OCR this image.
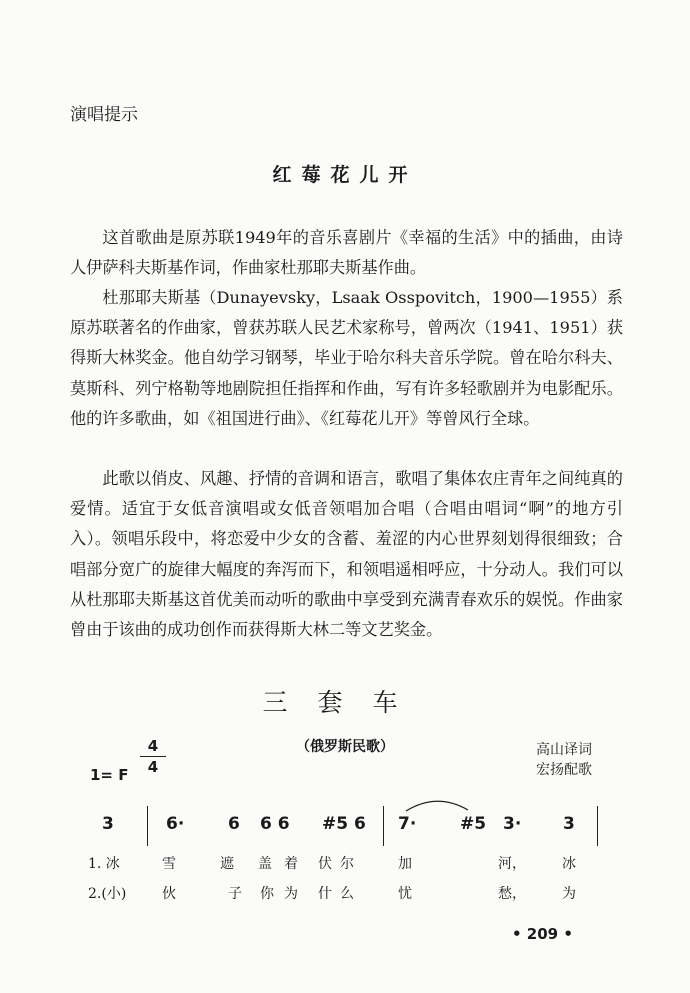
演唱提示
红莓花儿开
这首歌曲是原苏联1949年的音乐喜剧片《幸福的生活》中的插曲，由诗人伊萨科夫斯基作词，作曲家杜那耶夫斯基作曲。
杜那耶夫斯基（Dunayevsky，Lsaak Osspovitch，1900—1955）系原苏联著名的作曲家，曾获苏联人民艺术家称号，曾两次（1941、1951）获得斯大林奖金。他自幼学习钢琴，毕业于哈尔科夫音乐学院。曾在哈尔科夫、莫斯科、列宁格勒等地剧院担任指挥和作曲，写有许多轻歌剧并为电影配乐。他的许多歌曲，如《祖国进行曲》、《红莓花儿开》等曾风行全球。
此歌以俏皮、风趣、抒情的音调和语言，歌唱了集体农庄青年之间纯真的爱情。适宜于女低音演唱或女低音领唱加合唱（合唱由唱词“啊”的地方引入）。领唱乐段中，将恋爱中少女的含蓄、羞涩的内心世界刻划得很细致；合唱部分宽广的旋律大幅度的奔泻而下，和领唱遥相呼应，十分动人。我们可以从杜那耶夫斯基这首优美而动听的歌曲中享受到充满青春欢乐的娱悦。作曲家曾由于该曲的成功创作而获得斯大林二等文艺奖金。
三套车
（俄罗斯民歌）
1= F
4
4
高山译词
宏扬配歌
3	6·	6 6 6 #5 6 7·	#5 3· 3
1. 冰	雪	遮 盖 着 伏 尔	加	河，	冰
2.(小)	伙	子 你 为 什 么	忧	愁，	为
• 209 •
